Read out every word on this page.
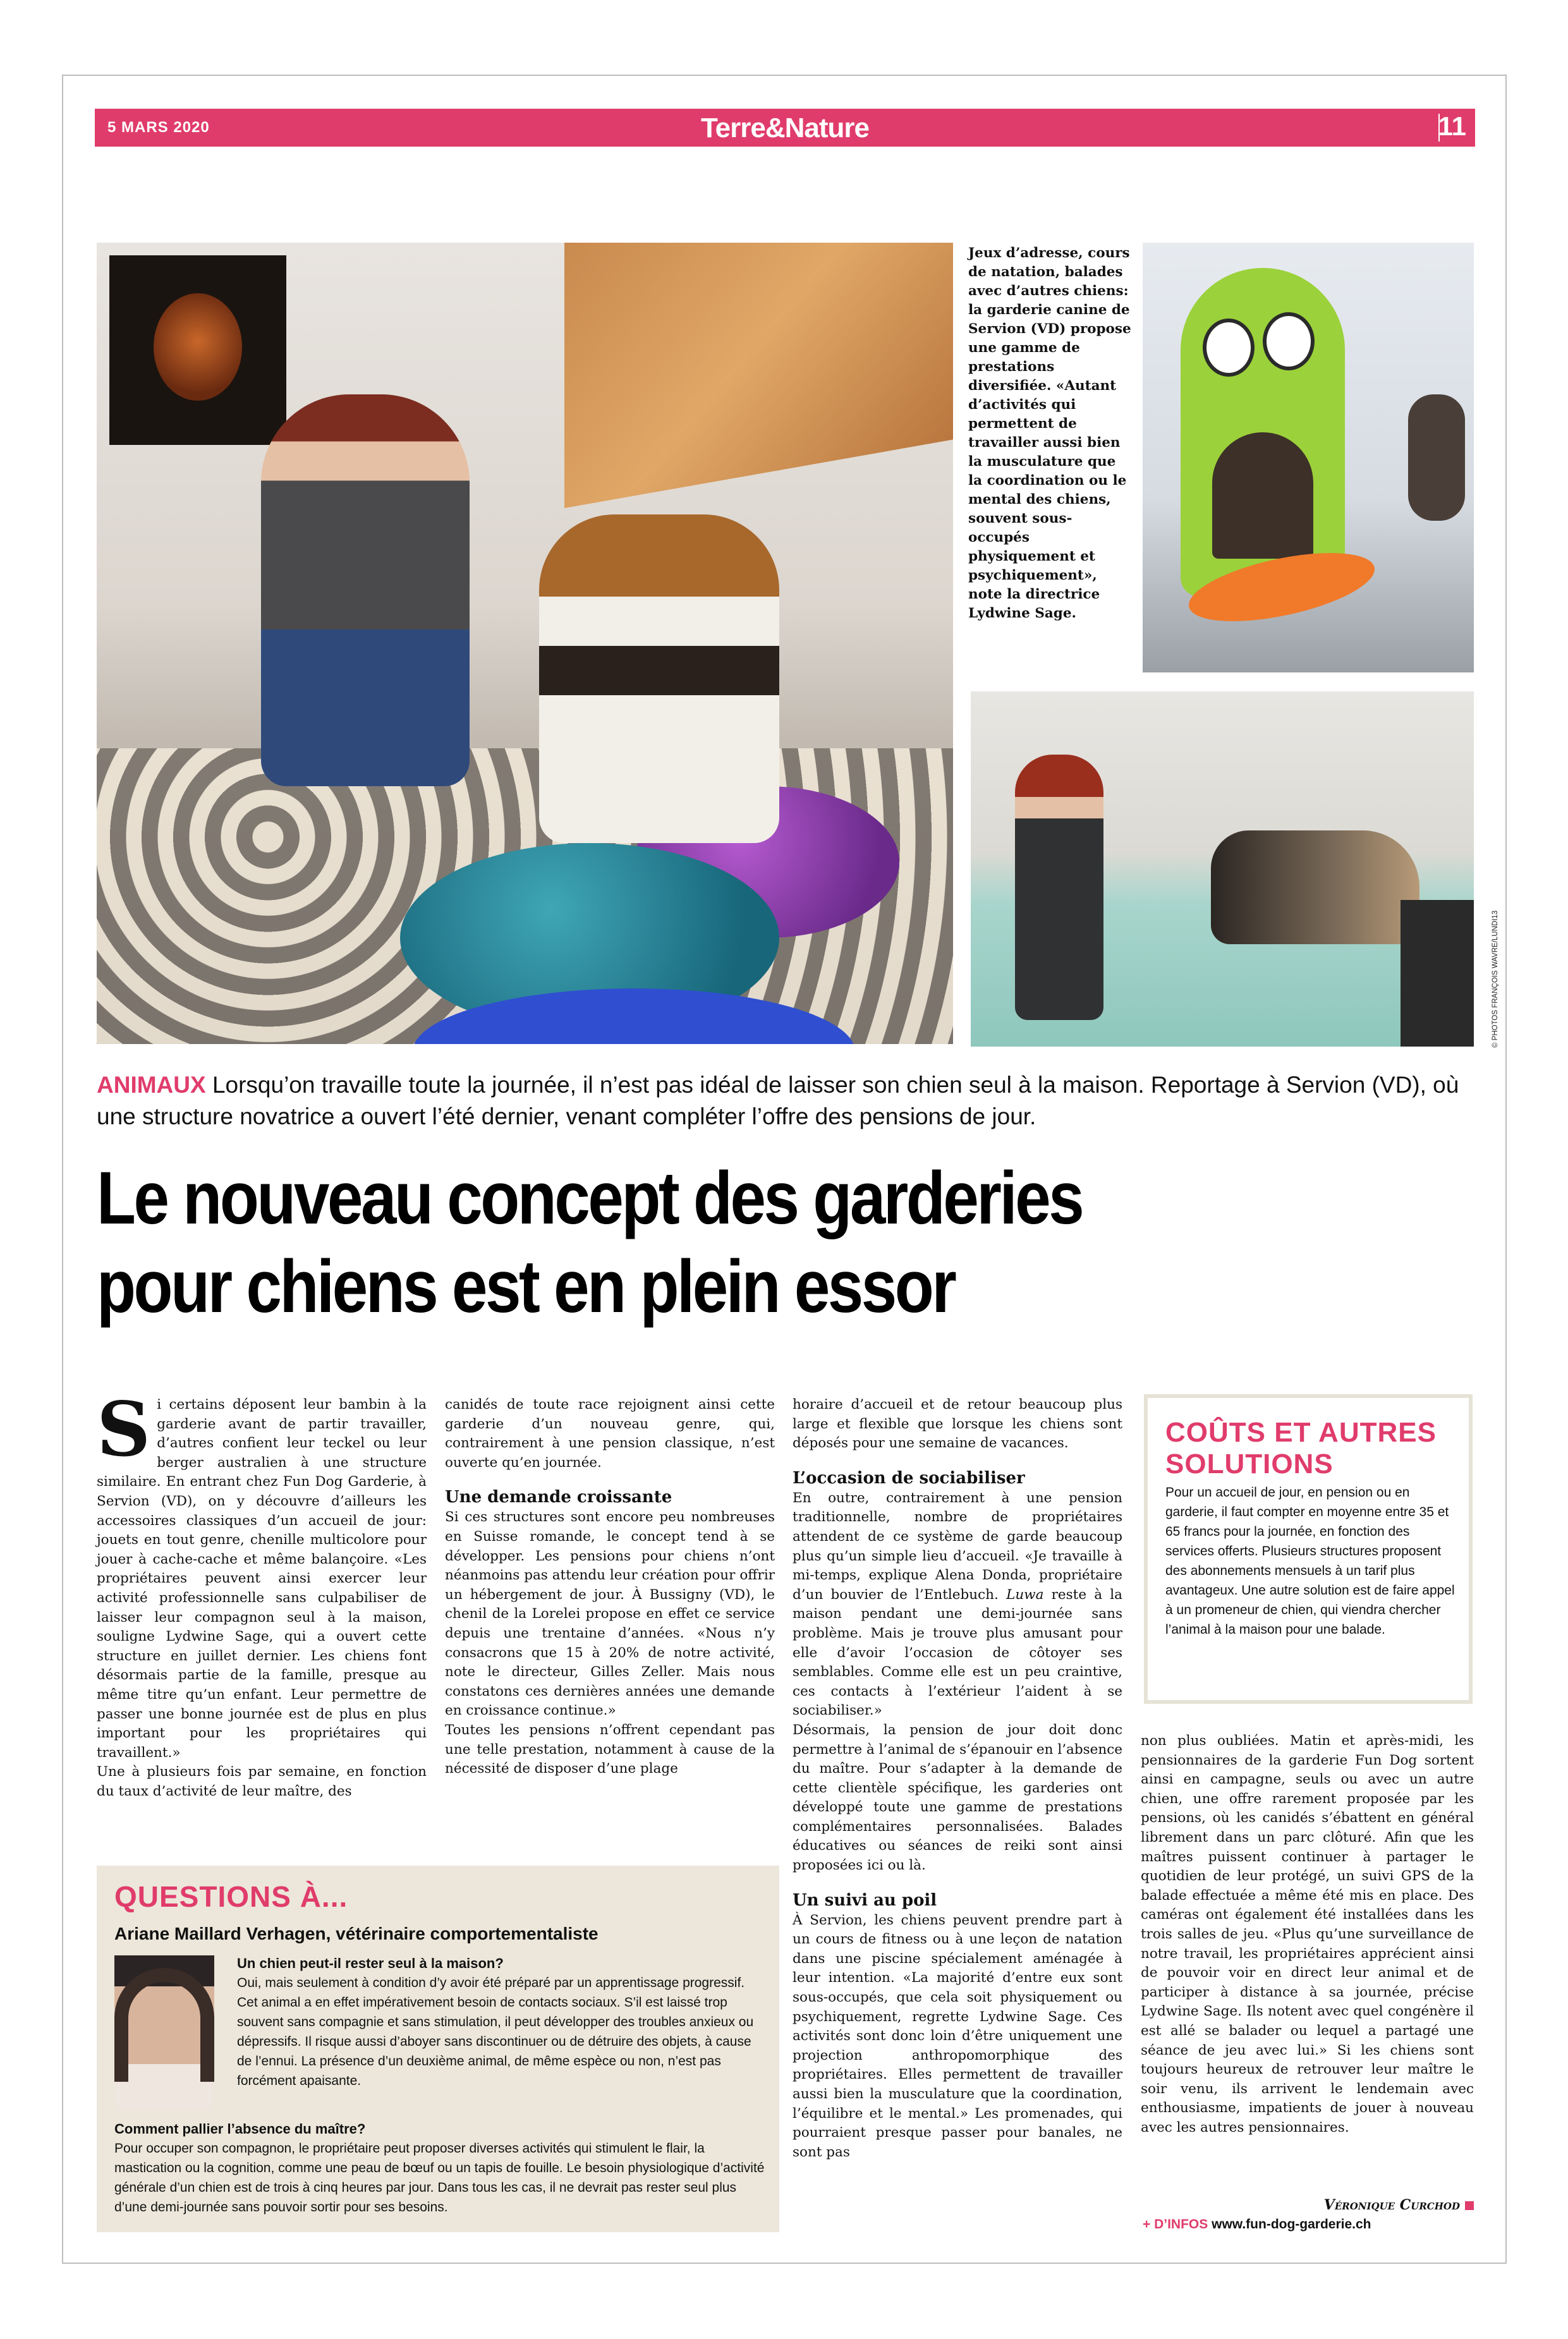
5 MARS 2020	Terre&Nature	11
Jeux d’adresse, cours de natation, balades avec d’autres chiens: la garderie canine de Servion (VD) propose une gamme de prestations diversifiée. «Autant d’activités qui permettent de travailler aussi bien la musculature que la coordination ou le mental des chiens, souvent sous-occupés physiquement et psychiquement», note la directrice Lydwine Sage.
© PHOTOS FRANÇOIS WAVRE/LUNDI13
ANIMAUX Lorsqu’on travaille toute la journée, il n’est pas idéal de laisser son chien seul à la maison. Reportage à Servion (VD), où une structure novatrice a ouvert l’été dernier, venant compléter l’offre des pensions de jour.
Le nouveau concept des garderies
pour chiens est en plein essor

Si certains déposent leur bambin à la garderie avant de partir travailler, d’autres confient leur teckel ou leur berger australien à une structure similaire. En entrant chez Fun Dog Garderie, à Servion (VD), on y découvre d’ailleurs les accessoires classiques d’un accueil de jour: jouets en tout genre, chenille multicolore pour jouer à cache-cache et même balançoire. «Les propriétaires peuvent ainsi exercer leur activité professionnelle sans culpabiliser de laisser leur compagnon seul à la maison, souligne Lydwine Sage, qui a ouvert cette structure en juillet dernier. Les chiens font désormais partie de la famille, presque au même titre qu’un enfant. Leur permettre de passer une bonne journée est de plus en plus important pour les propriétaires qui travaillent.»

Une à plusieurs fois par semaine, en fonction du taux d’activité de leur maître, des

canidés de toute race rejoignent ainsi cette garderie d’un nouveau genre, qui, contrairement à une pension classique, n’est ouverte qu’en journée.

Une demande croissante

Si ces structures sont encore peu nombreuses en Suisse romande, le concept tend à se développer. Les pensions pour chiens n’ont néanmoins pas attendu leur création pour offrir un hébergement de jour. À Bussigny (VD), le chenil de la Lorelei propose en effet ce service depuis une trentaine d’années. «Nous n’y consacrons que 15 à 20% de notre activité, note le directeur, Gilles Zeller. Mais nous constatons ces dernières années une demande en croissance continue.»

Toutes les pensions n’offrent cependant pas une telle prestation, notamment à cause de la nécessité de disposer d’une plage

horaire d’accueil et de retour beaucoup plus large et flexible que lorsque les chiens sont déposés pour une semaine de vacances.

L’occasion de sociabiliser

En outre, contrairement à une pension traditionnelle, nombre de propriétaires attendent de ce système de garde beaucoup plus qu’un simple lieu d’accueil. «Je travaille à mi-temps, explique Alena Donda, propriétaire d’un bouvier de l’Entlebuch. Luwa reste à la maison pendant une demi-journée sans problème. Mais je trouve plus amusant pour elle d’avoir l’occasion de côtoyer ses semblables. Comme elle est un peu craintive, ces contacts à l’extérieur l’aident à se sociabiliser.»

Désormais, la pension de jour doit donc permettre à l’animal de s’épanouir en l’absence du maître. Pour s’adapter à la demande de cette clientèle spécifique, les garderies ont développé toute une gamme de prestations complémentaires personnalisées. Balades éducatives ou séances de reiki sont ainsi proposées ici ou là.

Un suivi au poil

À Servion, les chiens peuvent prendre part à un cours de fitness ou à une leçon de natation dans une piscine spécialement aménagée à leur intention. «La majorité d’entre eux sont sous-occupés, que cela soit physiquement ou psychiquement, regrette Lydwine Sage. Ces activités sont donc loin d’être uniquement une projection anthropomorphique des propriétaires. Elles permettent de travailler aussi bien la musculature que la coordination, l’équilibre et le mental.» Les promenades, qui pourraient presque passer pour banales, ne sont pas

COÛTS ET AUTRES SOLUTIONS

Pour un accueil de jour, en pension ou en garderie, il faut compter en moyenne entre 35 et 65 francs pour la journée, en fonction des services offerts. Plusieurs structures proposent des abonnements mensuels à un tarif plus avantageux. Une autre solution est de faire appel à un promeneur de chien, qui viendra chercher l’animal à la maison pour une balade.

non plus oubliées. Matin et après-midi, les pensionnaires de la garderie Fun Dog sortent ainsi en campagne, seuls ou avec un autre chien, une offre rarement proposée par les pensions, où les canidés s’ébattent en général librement dans un parc clôturé. Afin que les maîtres puissent continuer à partager le quotidien de leur protégé, un suivi GPS de la balade effectuée a même été mis en place. Des caméras ont également été installées dans les trois salles de jeu. «Plus qu’une surveillance de notre travail, les propriétaires apprécient ainsi de pouvoir voir en direct leur animal et de participer à distance à sa journée, précise Lydwine Sage. Ils notent avec quel congénère il est allé se balader ou lequel a partagé une séance de jeu avec lui.» Si les chiens sont toujours heureux de retrouver leur maître le soir venu, ils arrivent le lendemain avec enthousiasme, impatients de jouer à nouveau avec les autres pensionnaires.

Véronique Curchod
+ D’INFOS www.fun-dog-garderie.ch
QUESTIONS À...
Ariane Maillard Verhagen, vétérinaire comportementaliste
Un chien peut-il rester seul à la maison?
Oui, mais seulement à condition d’y avoir été préparé par un apprentissage progressif. Cet animal a en effet impérativement besoin de contacts sociaux. S’il est laissé trop souvent sans compagnie et sans stimulation, il peut développer des troubles anxieux ou dépressifs. Il risque aussi d’aboyer sans discontinuer ou de détruire des objets, à cause de l’ennui. La présence d’un deuxième animal, de même espèce ou non, n’est pas forcément apaisante.
Comment pallier l’absence du maître?
Pour occuper son compagnon, le propriétaire peut proposer diverses activités qui stimulent le flair, la mastication ou la cognition, comme une peau de bœuf ou un tapis de fouille. Le besoin physiologique d’activité générale d’un chien est de trois à cinq heures par jour. Dans tous les cas, il ne devrait pas rester seul plus d’une demi-journée sans pouvoir sortir pour ses besoins.
